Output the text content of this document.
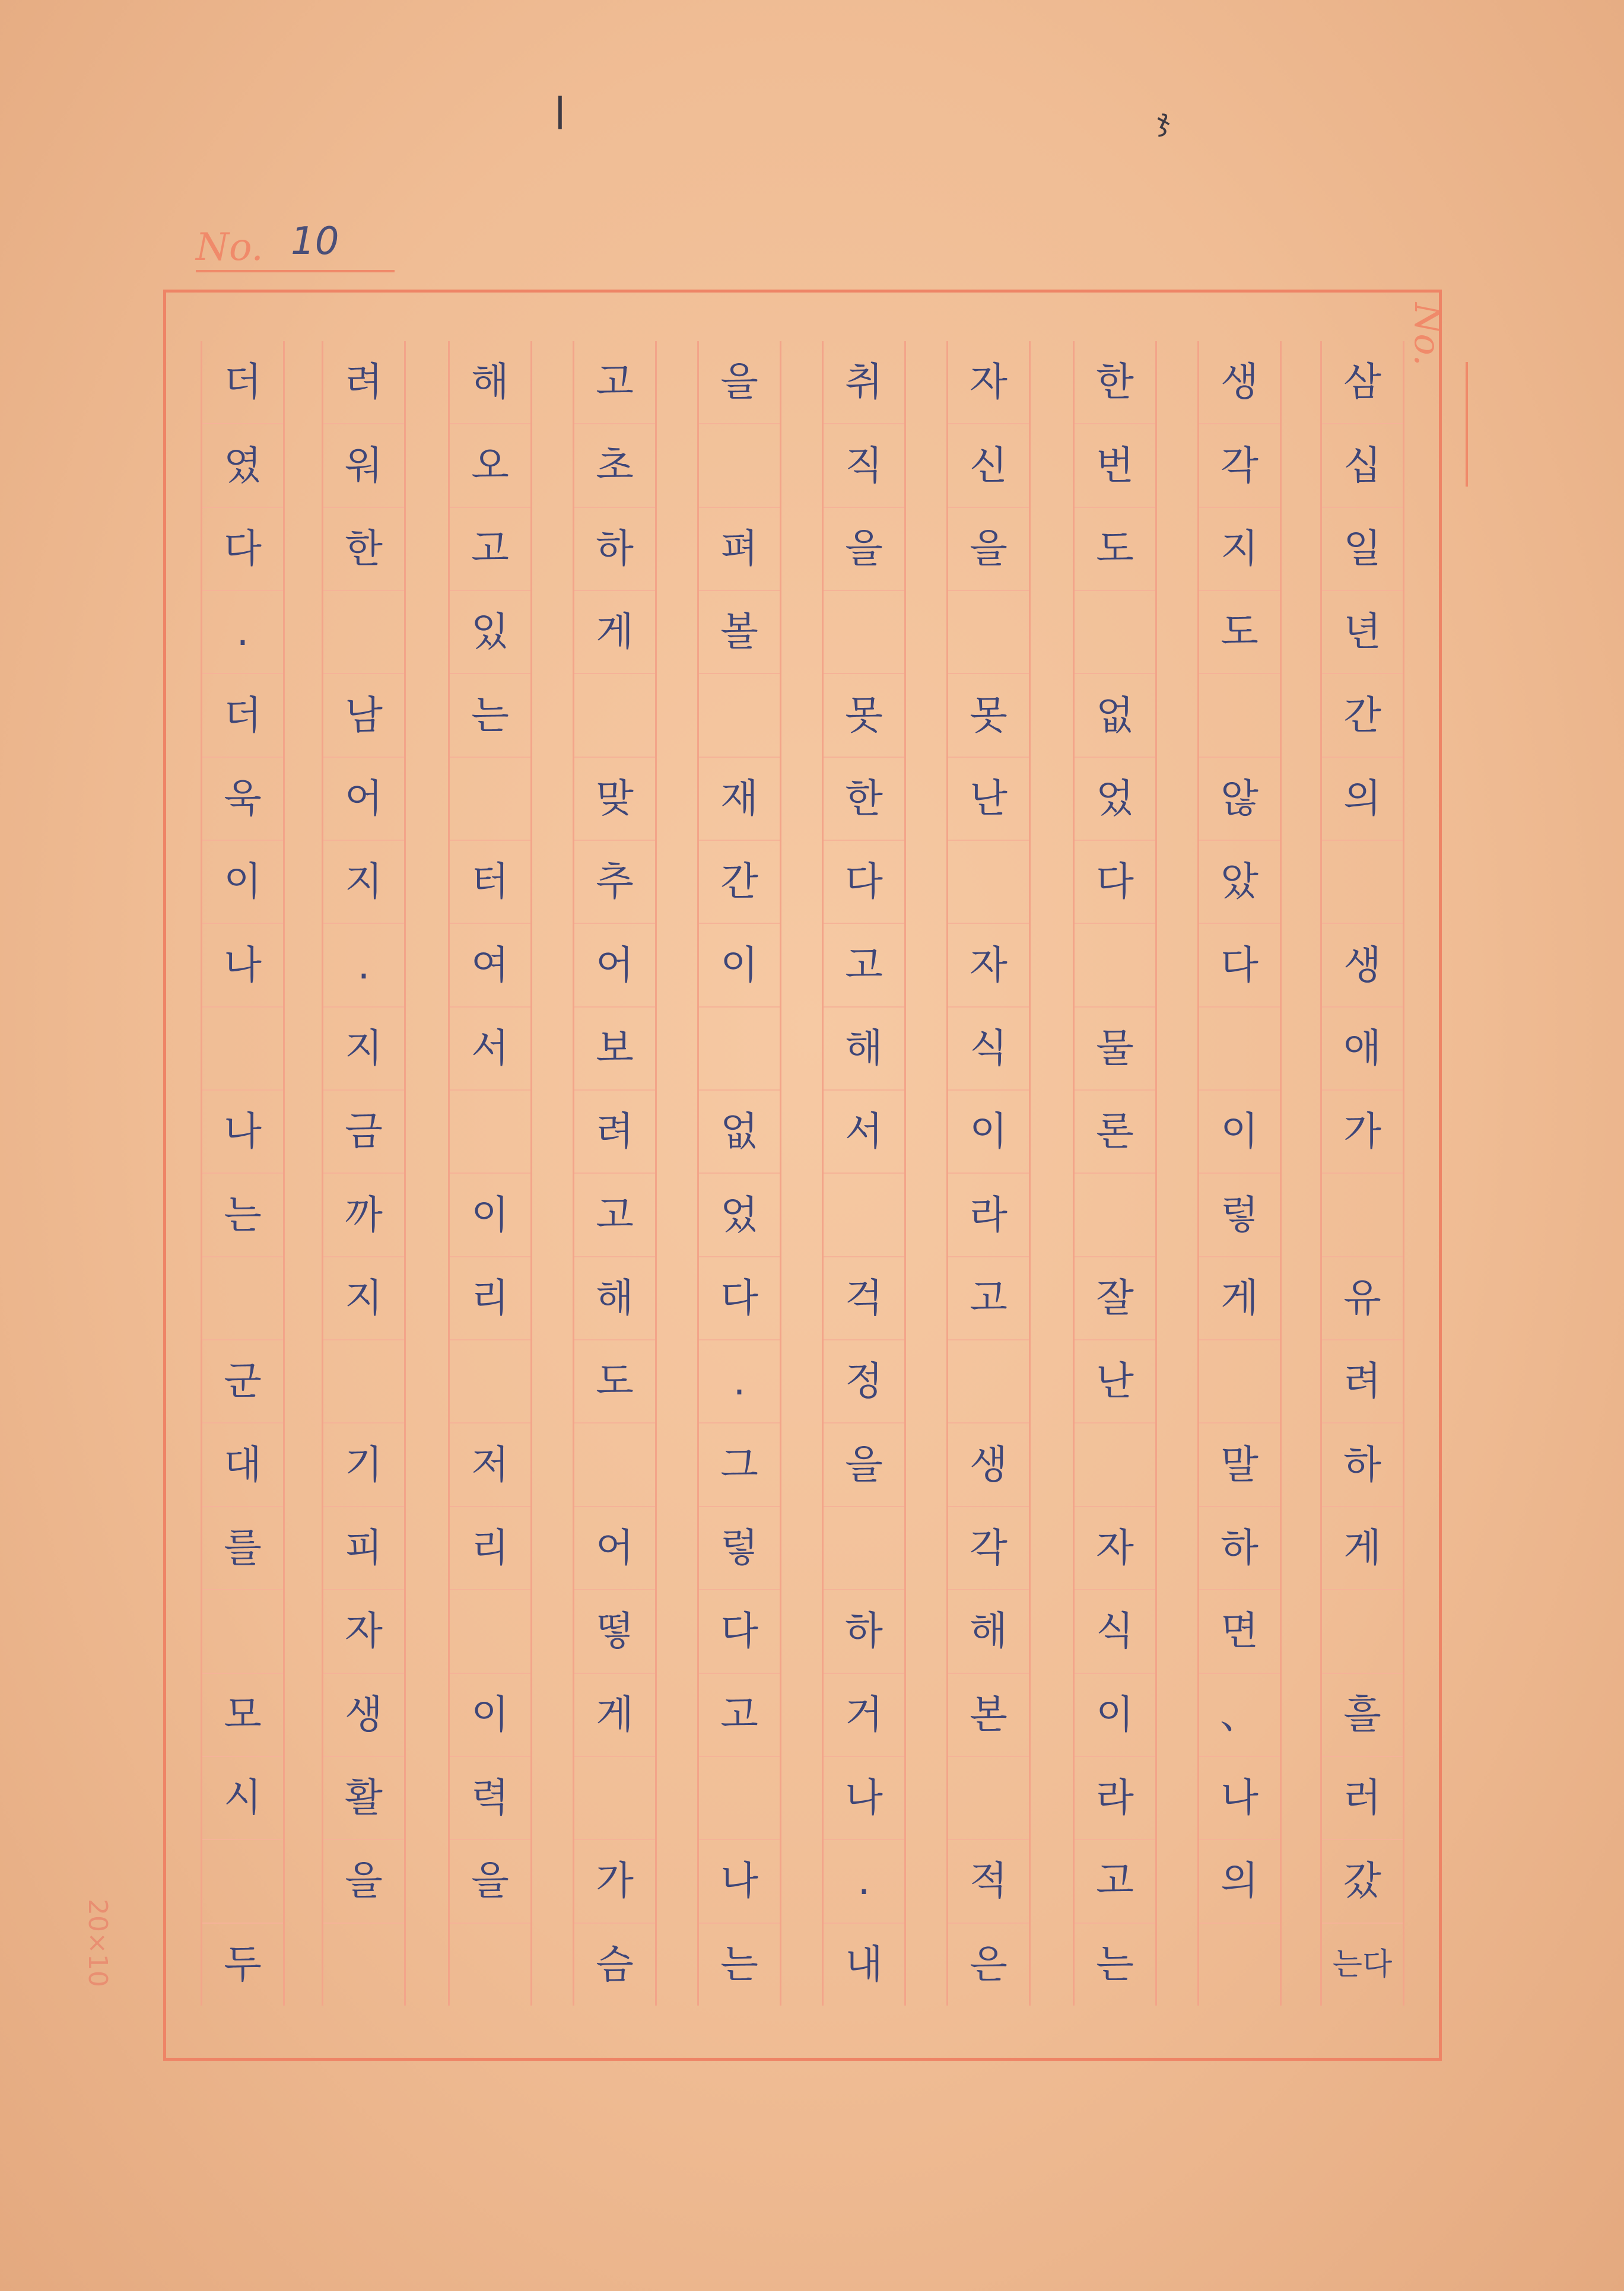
No. 10
No.
20×10
ǀ	ჯ
삼
십
일
년
간
의
생
애
가
유
려
하
게
흘
러
갔
는다
생
각
지
도
않
았
다
이
렇
게
말
하
면
、
나
의
한
번
도
없
었
다
물
론
잘
난
자
식
이
라
고
는
자
신
을
못
난
자
식
이
라
고
생
각
해
본
적
은
취
직
을
못
한
다
고
해
서
걱
정
을
하
거
나
.
내
을
펴
볼
재
간
이
없
었
다
.
그
렇
다
고
나
는
고
초
하
게
맞
추
어
보
려
고
해
도
어
떻
게
가
슴
해
오
고
있
는
터
여
서
이
리
저
리
이
력
을
려
워
한
남
어
지
.
지
금
까
지
기
피
자
생
활
을
더
였
다
.
더
욱
이
나
나
는
군
대
를
모
시
두
